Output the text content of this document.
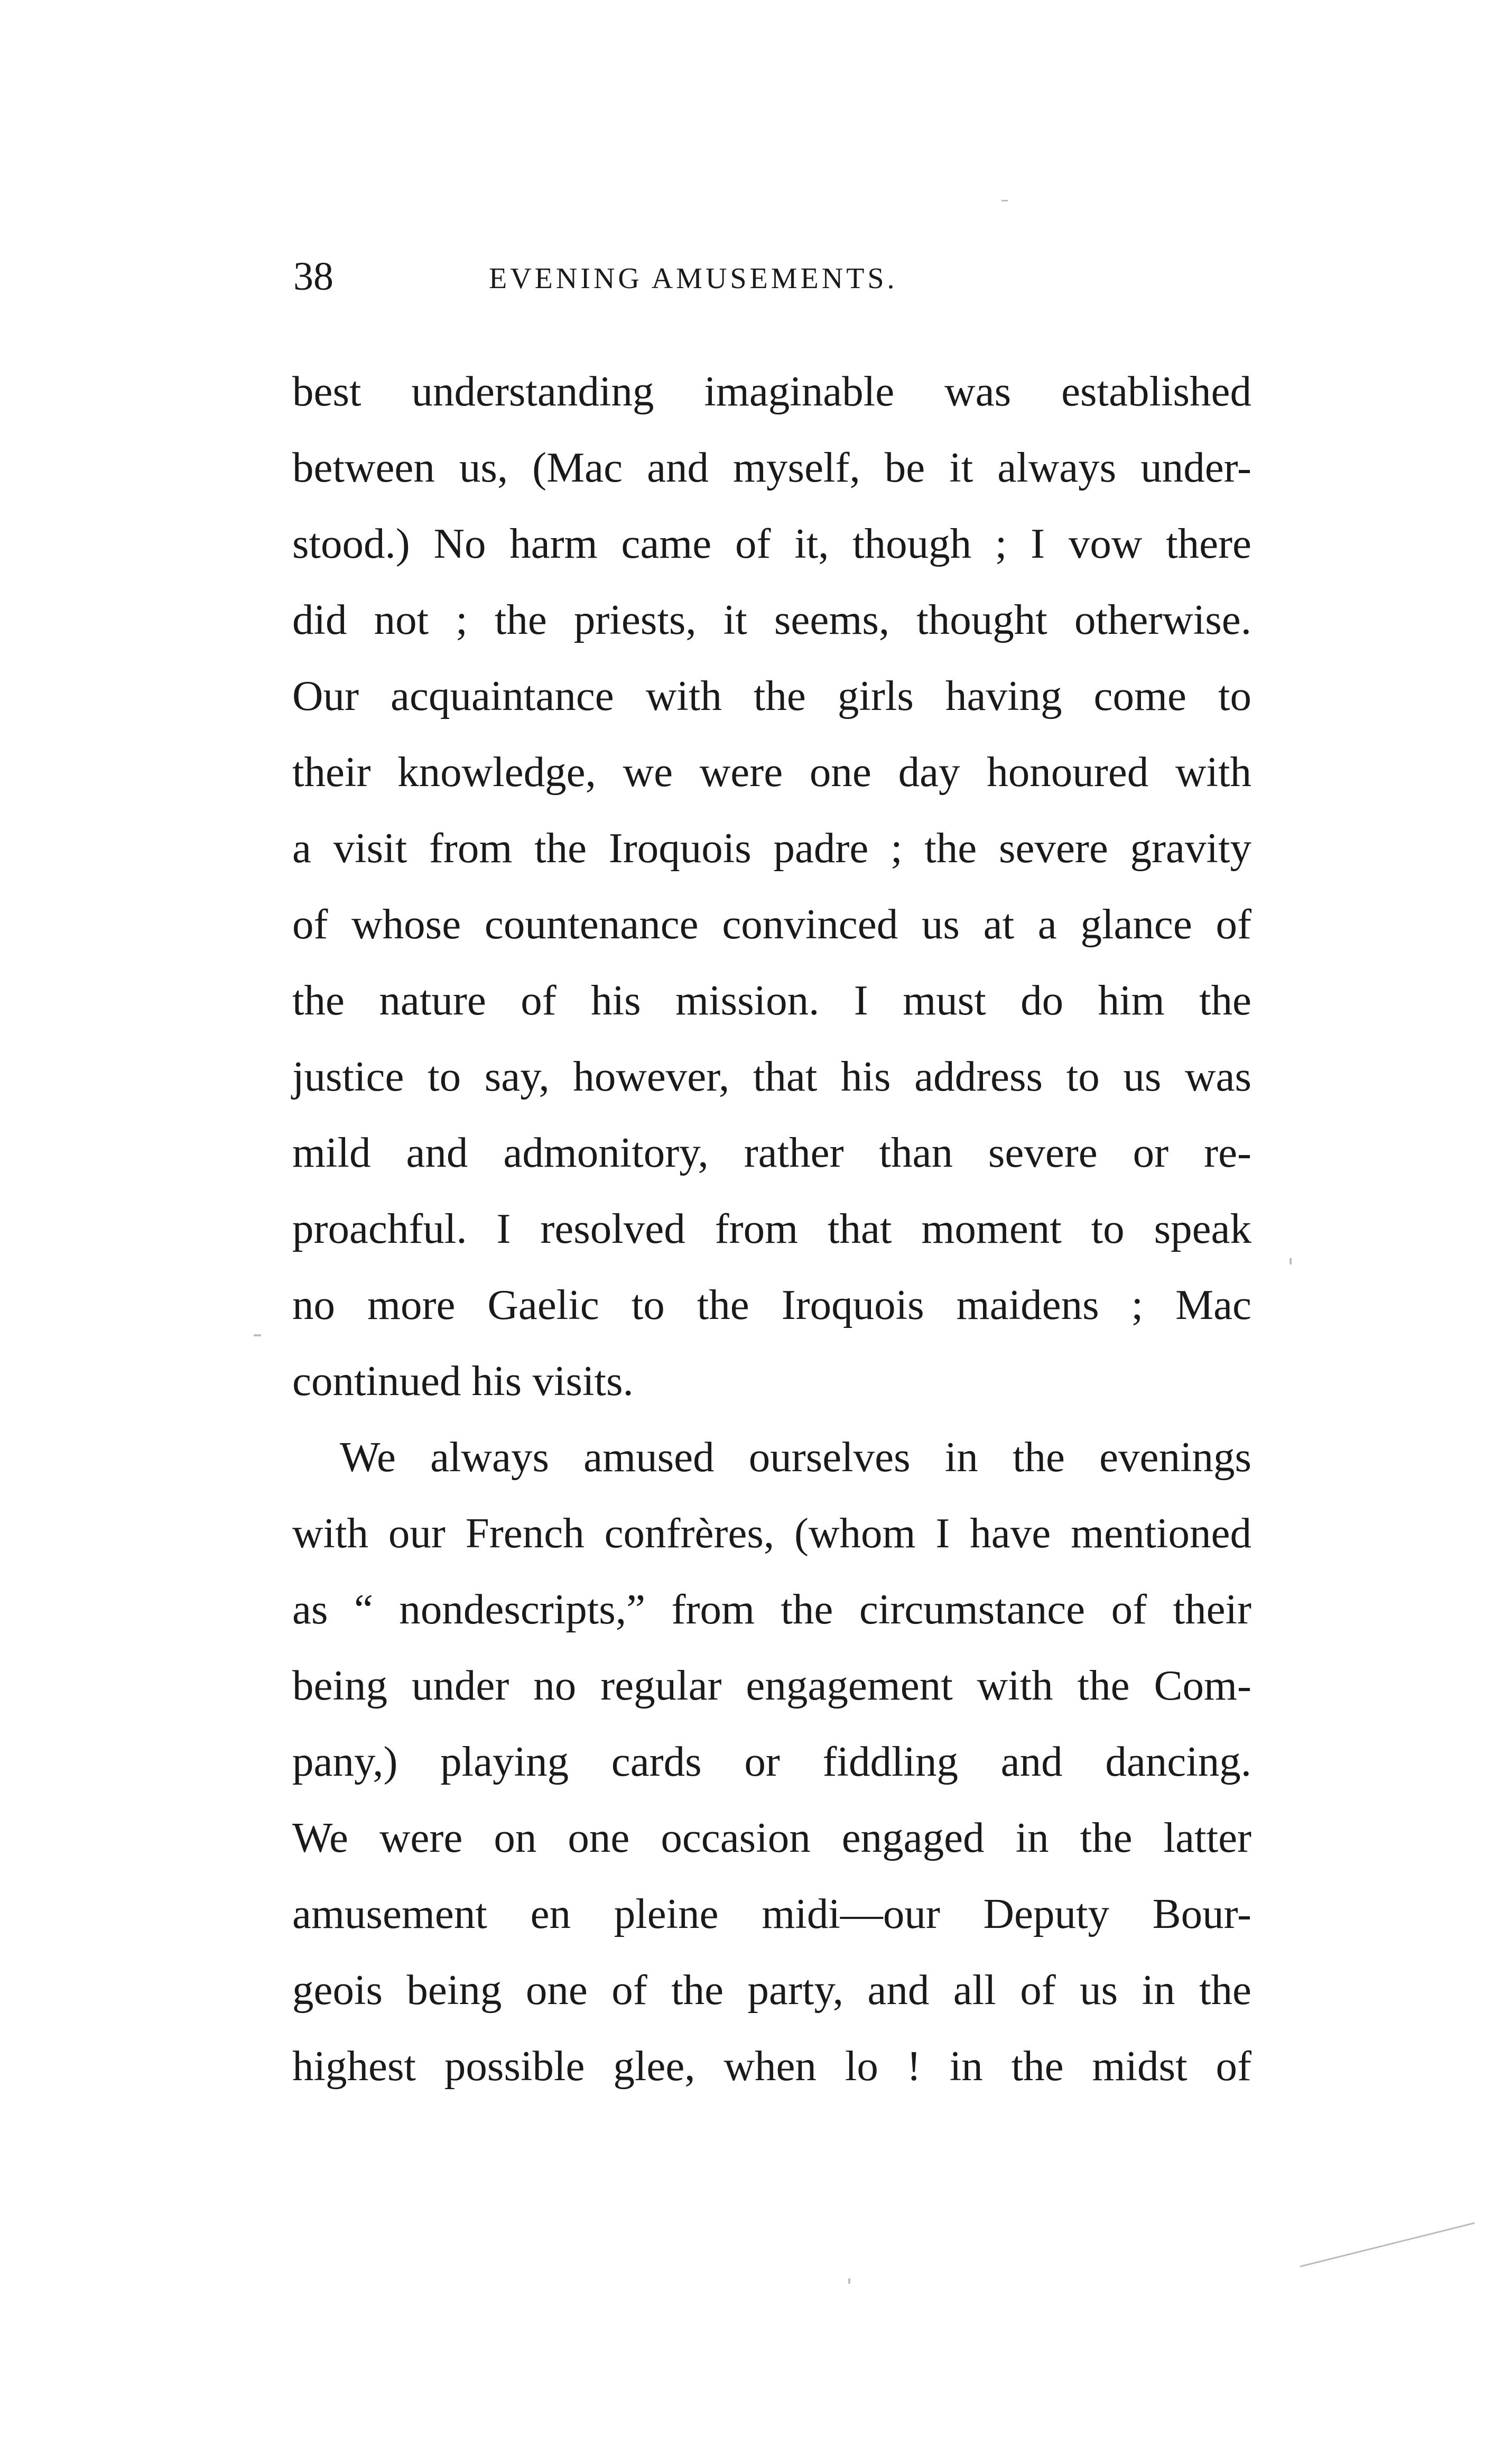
38	EVENING AMUSEMENTS.
best understanding imaginable was established
between us, (Mac and myself, be it always under-
stood.) No harm came of it, though ; I vow there
did not ; the priests, it seems, thought otherwise.
Our acquaintance with the girls having come to
their knowledge, we were one day honoured with
a visit from the Iroquois padre ; the severe gravity
of whose countenance convinced us at a glance of
the nature of his mission. I must do him the
justice to say, however, that his address to us was
mild and admonitory, rather than severe or re-
proachful. I resolved from that moment to speak
no more Gaelic to the Iroquois maidens ; Mac
continued his visits.
We always amused ourselves in the evenings
with our French confrères, (whom I have mentioned
as “ nondescripts,” from the circumstance of their
being under no regular engagement with the Com-
pany,) playing cards or fiddling and dancing.
We were on one occasion engaged in the latter
amusement en pleine midi—our Deputy Bour-
geois being one of the party, and all of us in the
highest possible glee, when lo ! in the midst of
